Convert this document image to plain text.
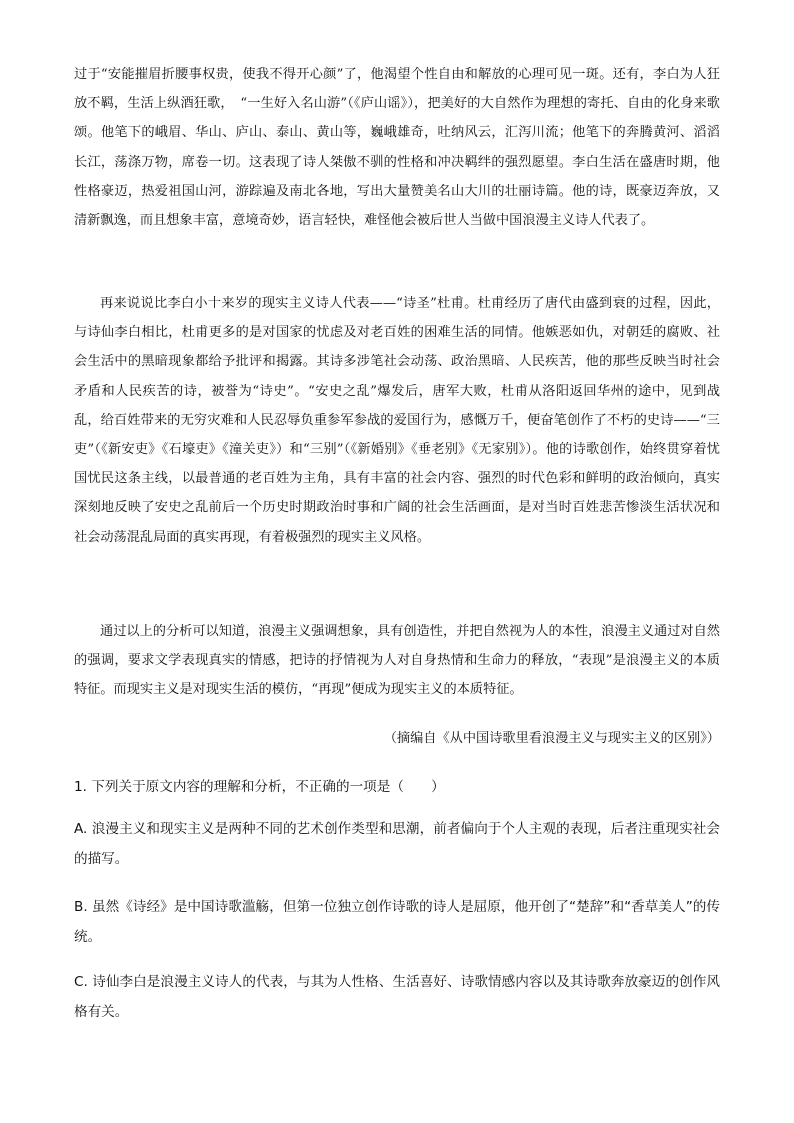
过于“安能摧眉折腰事权贵，使我不得开心颜”了，他渴望个性自由和解放的心理可见一斑。还有，李白为人狂放不羁，生活上纵酒狂歌，　“一生好入名山游”（《庐山谣》），把美好的大自然作为理想的寄托、自由的化身来歌颂。他笔下的峨眉、华山、庐山、泰山、黄山等，巍峨雄奇，吐纳风云，汇泻川流；他笔下的奔腾黄河、滔滔长江，荡涤万物，席卷一切。这表现了诗人桀傲不驯的性格和冲决羁绊的强烈愿望。李白生活在盛唐时期，他性格豪迈，热爱祖国山河，游踪遍及南北各地，写出大量赞美名山大川的壮丽诗篇。他的诗，既豪迈奔放，又清新飘逸，而且想象丰富，意境奇妙，语言轻快，难怪他会被后世人当做中国浪漫主义诗人代表了。

再来说说比李白小十来岁的现实主义诗人代表——“诗圣”杜甫。杜甫经历了唐代由盛到衰的过程，因此，与诗仙李白相比，杜甫更多的是对国家的忧虑及对老百姓的困难生活的同情。他嫉恶如仇，对朝廷的腐败、社会生活中的黑暗现象都给予批评和揭露。其诗多涉笔社会动荡、政治黑暗、人民疾苦，他的那些反映当时社会矛盾和人民疾苦的诗，被誉为“诗史”。“安史之乱”爆发后，唐军大败，杜甫从洛阳返回华州的途中，见到战乱，给百姓带来的无穷灾难和人民忍辱负重参军参战的爱国行为，感慨万千，便奋笔创作了不朽的史诗——“三吏”（《新安吏》《石壕吏》《潼关吏》）和“三别”（《新婚别》《垂老别》《无家别》）。他的诗歌创作，始终贯穿着忧国忧民这条主线，以最普通的老百姓为主角，具有丰富的社会内容、强烈的时代色彩和鲜明的政治倾向，真实深刻地反映了安史之乱前后一个历史时期政治时事和广阔的社会生活画面，是对当时百姓悲苦惨淡生活状况和社会动荡混乱局面的真实再现，有着极强烈的现实主义风格。

通过以上的分析可以知道，浪漫主义强调想象，具有创造性，并把自然视为人的本性，浪漫主义通过对自然的强调，要求文学表现真实的情感，把诗的抒情视为人对自身热情和生命力的释放，“表现”是浪漫主义的本质特征。而现实主义是对现实生活的模仿，“再现”便成为现实主义的本质特征。

（摘编自《从中国诗歌里看浪漫主义与现实主义的区别》）

1. 下列关于原文内容的理解和分析，不正确的一项是（　　）

A. 浪漫主义和现实主义是两种不同的艺术创作类型和思潮，前者偏向于个人主观的表现，后者注重现实社会的描写。

B. 虽然《诗经》是中国诗歌滥觞，但第一位独立创作诗歌的诗人是屈原，他开创了“楚辞”和“香草美人”的传统。

C. 诗仙李白是浪漫主义诗人的代表，与其为人性格、生活喜好、诗歌情感内容以及其诗歌奔放豪迈的创作风格有关。
